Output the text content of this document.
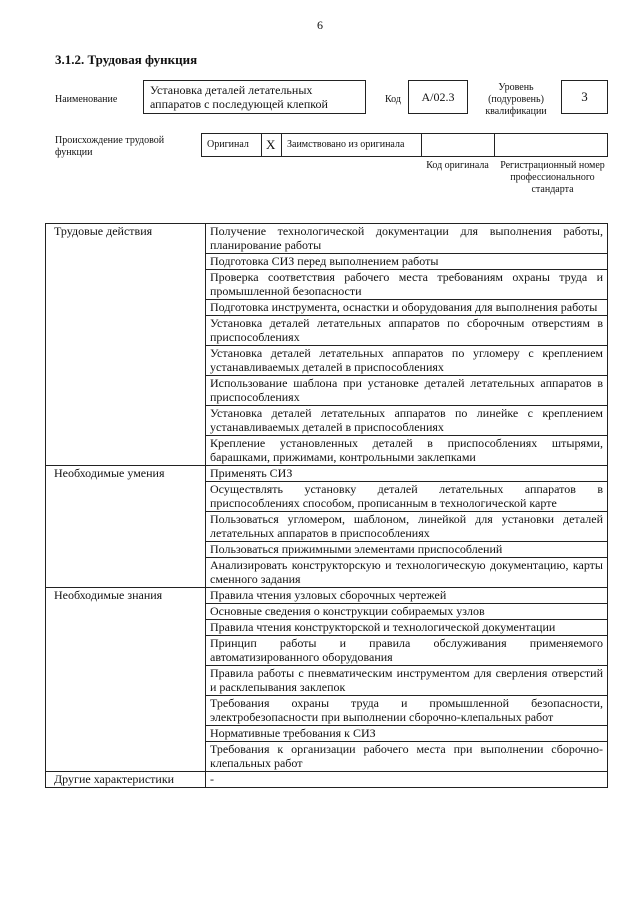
6
3.1.2. Трудовая функция
Наименование
Установка деталей летательных аппаратов с последующей клепкой	Код	А/02.3
Уровень (подуровень) квалификации
3
Происхождение трудовой функции
Оригинал	X	Заимствовано из оригинала
Код оригинала	Регистрационный номер профессионального стандарта
Трудовые действия	Получение технологической документации для выполнения работы, планирование работы
	Подготовка СИЗ перед выполнением работы
	Проверка соответствия рабочего места требованиям охраны труда и промышленной безопасности
	Подготовка инструмента, оснастки и оборудования для выполнения работы
	Установка деталей летательных аппаратов по сборочным отверстиям в приспособлениях
	Установка деталей летательных аппаратов по угломеру с креплением устанавливаемых деталей в приспособлениях
	Использование шаблона при установке деталей летательных аппаратов в приспособлениях
	Установка деталей летательных аппаратов по линейке с креплением устанавливаемых деталей в приспособлениях
	Крепление установленных деталей в приспособлениях штырями, барашками, прижимами, контрольными заклепками
Необходимые умения	Применять СИЗ
	Осуществлять установку деталей летательных аппаратов в приспособлениях способом, прописанным в технологической карте
	Пользоваться угломером, шаблоном, линейкой для установки деталей летательных аппаратов в приспособлениях
	Пользоваться прижимными элементами приспособлений
	Анализировать конструкторскую и технологическую документацию, карты сменного задания
Необходимые знания	Правила чтения узловых сборочных чертежей
	Основные сведения о конструкции собираемых узлов
	Правила чтения конструкторской и технологической документации
	Принцип работы и правила обслуживания применяемого автоматизированного оборудования
	Правила работы с пневматическим инструментом для сверления отверстий и расклепывания заклепок
	Требования охраны труда и промышленной безопасности, электробезопасности при выполнении сборочно-клепальных работ
	Нормативные требования к СИЗ
	Требования к организации рабочего места при выполнении сборочно-клепальных работ
Другие характеристики	-
